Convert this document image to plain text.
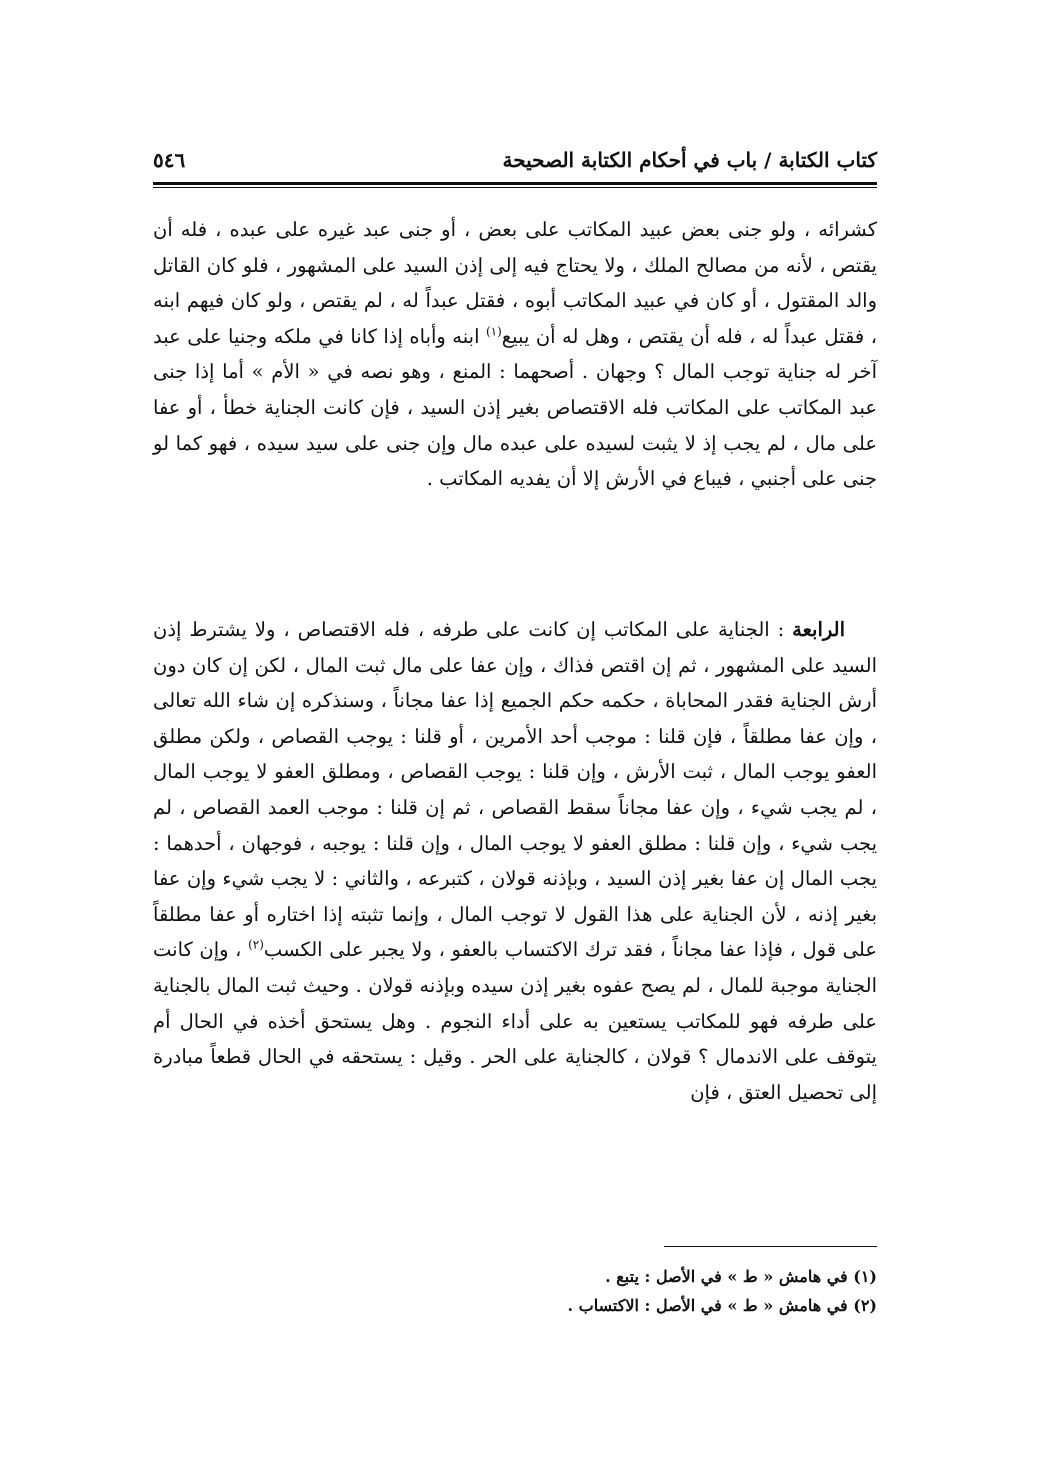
كتاب الكتابة / باب في أحكام الكتابة الصحيحة
٥٤٦
كشرائه ، ولو جنى بعض عبيد المكاتب على بعض ، أو جنى عبد غيره على عبده ، فله أن يقتص ، لأنه من مصالح الملك ، ولا يحتاج فيه إلى إذن السيد على المشهور ، فلو كان القاتل والد المقتول ، أو كان في عبيد المكاتب أبوه ، فقتل عبداً له ، لم يقتص ، ولو كان فيهم ابنه ، فقتل عبداً له ، فله أن يقتص ، وهل له أن يبيع$^{(١)}$ ابنه وأباه إذا كانا في ملكه وجنيا على عبد آخر له جناية توجب المال ؟ وجهان . أصحهما : المنع ، وهو نصه في « الأم » أما إذا جنى عبد المكاتب على المكاتب فله الاقتصاص بغير إذن السيد ، فإن كانت الجناية خطأ ، أو عفا على مال ، لم يجب إذ لا يثبت لسيده على عبده مال وإن جنى على سيد سيده ، فهو كما لو جنى على أجنبي ، فيباع في الأرش إلا أن يفديه المكاتب .

الرابعة : الجناية على المكاتب إن كانت على طرفه ، فله الاقتصاص ، ولا يشترط إذن السيد على المشهور ، ثم إن اقتص فذاك ، وإن عفا على مال ثبت المال ، لكن إن كان دون أرش الجناية فقدر المحاباة ، حكمه حكم الجميع إذا عفا مجاناً ، وسنذكره إن شاء الله تعالى ، وإن عفا مطلقاً ، فإن قلنا : موجب أحد الأمرين ، أو قلنا : يوجب القصاص ، ولكن مطلق العفو يوجب المال ، ثبت الأرش ، وإن قلنا : يوجب القصاص ، ومطلق العفو لا يوجب المال ، لم يجب شيء ، وإن عفا مجاناً سقط القصاص ، ثم إن قلنا : موجب العمد القصاص ، لم يجب شيء ، وإن قلنا : مطلق العفو لا يوجب المال ، وإن قلنا : يوجبه ، فوجهان ، أحدهما : يجب المال إن عفا بغير إذن السيد ، وبإذنه قولان ، كتبرعه ، والثاني : لا يجب شيء وإن عفا بغير إذنه ، لأن الجناية على هذا القول لا توجب المال ، وإنما تثبته إذا اختاره أو عفا مطلقاً على قول ، فإذا عفا مجاناً ، فقد ترك الاكتساب بالعفو ، ولا يجبر على الكسب$^{(٢)}$ ، وإن كانت الجناية موجبة للمال ، لم يصح عفوه بغير إذن سيده وبإذنه قولان . وحيث ثبت المال بالجناية على طرفه فهو للمكاتب يستعين به على أداء النجوم . وهل يستحق أخذه في الحال أم يتوقف على الاندمال ؟ قولان ، كالجناية على الحر . وقيل : يستحقه في الحال قطعاً مبادرة إلى تحصيل العتق ، فإن

(١) في هامش « ط » في الأصل : يتبع .
(٢) في هامش « ط » في الأصل : الاكتساب .
